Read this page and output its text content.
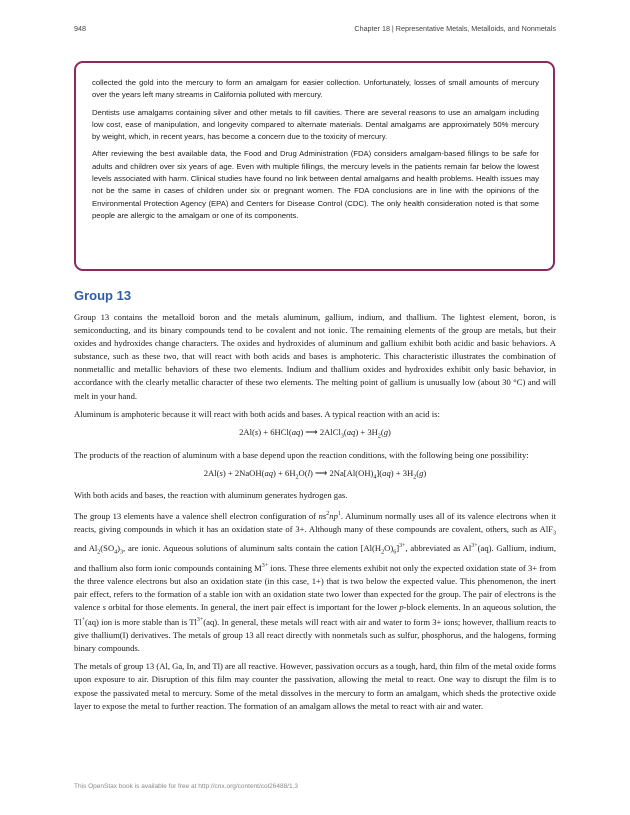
948	Chapter 18 | Representative Metals, Metalloids, and Nonmetals

collected the gold into the mercury to form an amalgam for easier collection. Unfortunately, losses of small amounts of mercury over the years left many streams in California polluted with mercury.

Dentists use amalgams containing silver and other metals to fill cavities. There are several reasons to use an amalgam including low cost, ease of manipulation, and longevity compared to alternate materials. Dental amalgams are approximately 50% mercury by weight, which, in recent years, has become a concern due to the toxicity of mercury.

After reviewing the best available data, the Food and Drug Administration (FDA) considers amalgam-based fillings to be safe for adults and children over six years of age. Even with multiple fillings, the mercury levels in the patients remain far below the lowest levels associated with harm. Clinical studies have found no link between dental amalgams and health problems. Health issues may not be the same in cases of children under six or pregnant women. The FDA conclusions are in line with the opinions of the Environmental Protection Agency (EPA) and Centers for Disease Control (CDC). The only health consideration noted is that some people are allergic to the amalgam or one of its components.

Group 13

Group 13 contains the metalloid boron and the metals aluminum, gallium, indium, and thallium. The lightest element, boron, is semiconducting, and its binary compounds tend to be covalent and not ionic. The remaining elements of the group are metals, but their oxides and hydroxides change characters. The oxides and hydroxides of aluminum and gallium exhibit both acidic and basic behaviors. A substance, such as these two, that will react with both acids and bases is amphoteric. This characteristic illustrates the combination of nonmetallic and metallic behaviors of these two elements. Indium and thallium oxides and hydroxides exhibit only basic behavior, in accordance with the clearly metallic character of these two elements. The melting point of gallium is unusually low (about 30 °C) and will melt in your hand.

Aluminum is amphoteric because it will react with both acids and bases. A typical reaction with an acid is:

2Al(s) + 6HCl(aq) ⟶ 2AlCl$_3$(aq) + $3H_2(g)$

The products of the reaction of aluminum with a base depend upon the reaction conditions, with the following being one possibility:

2Al(s) + 2NaOH(aq) + $6H_2O(l)$ ⟶ $2Na[Al(OH)_4](aq) + 3H_2(g)$

With both acids and bases, the reaction with aluminum generates hydrogen gas.

The group 13 elements have a valence shell electron configuration of $ns^2np^1$. Aluminum normally uses all of its valence electrons when it reacts, giving compounds in which it has an oxidation state of 3+. Although many of these compounds are covalent, others, such as AlF$_3$ and $Al_2(SO_4)_3$, are ionic. Aqueous solutions of aluminum salts contain the cation $[Al(H_2O)_6]^{3+}$, abbreviated as $Al^{3+}(aq)$. Gallium, indium, and thallium also form ionic compounds containing $M^{3+}$ ions. These three elements exhibit not only the expected oxidation state of 3+ from the three valence electrons but also an oxidation state (in this case, 1+) that is two below the expected value. This phenomenon, the inert pair effect, refers to the formation of a stable ion with an oxidation state two lower than expected for the group. The pair of electrons is the valence s orbital for those elements. In general, the inert pair effect is important for the lower p-block elements. In an aqueous solution, the Tl+(aq) ion is more stable than is $Tl^{3+}(aq)$. In general, these metals will react with air and water to form 3+ ions; however, thallium reacts to give thallium(I) derivatives. The metals of group 13 all react directly with nonmetals such as sulfur, phosphorus, and the halogens, forming binary compounds.

The metals of group 13 (Al, Ga, In, and Tl) are all reactive. However, passivation occurs as a tough, hard, thin film of the metal oxide forms upon exposure to air. Disruption of this film may counter the passivation, allowing the metal to react. One way to disrupt the film is to expose the passivated metal to mercury. Some of the metal dissolves in the mercury to form an amalgam, which sheds the protective oxide layer to expose the metal to further reaction. The formation of an amalgam allows the metal to react with air and water.

This OpenStax book is available for free at http://cnx.org/content/col26488/1.3
